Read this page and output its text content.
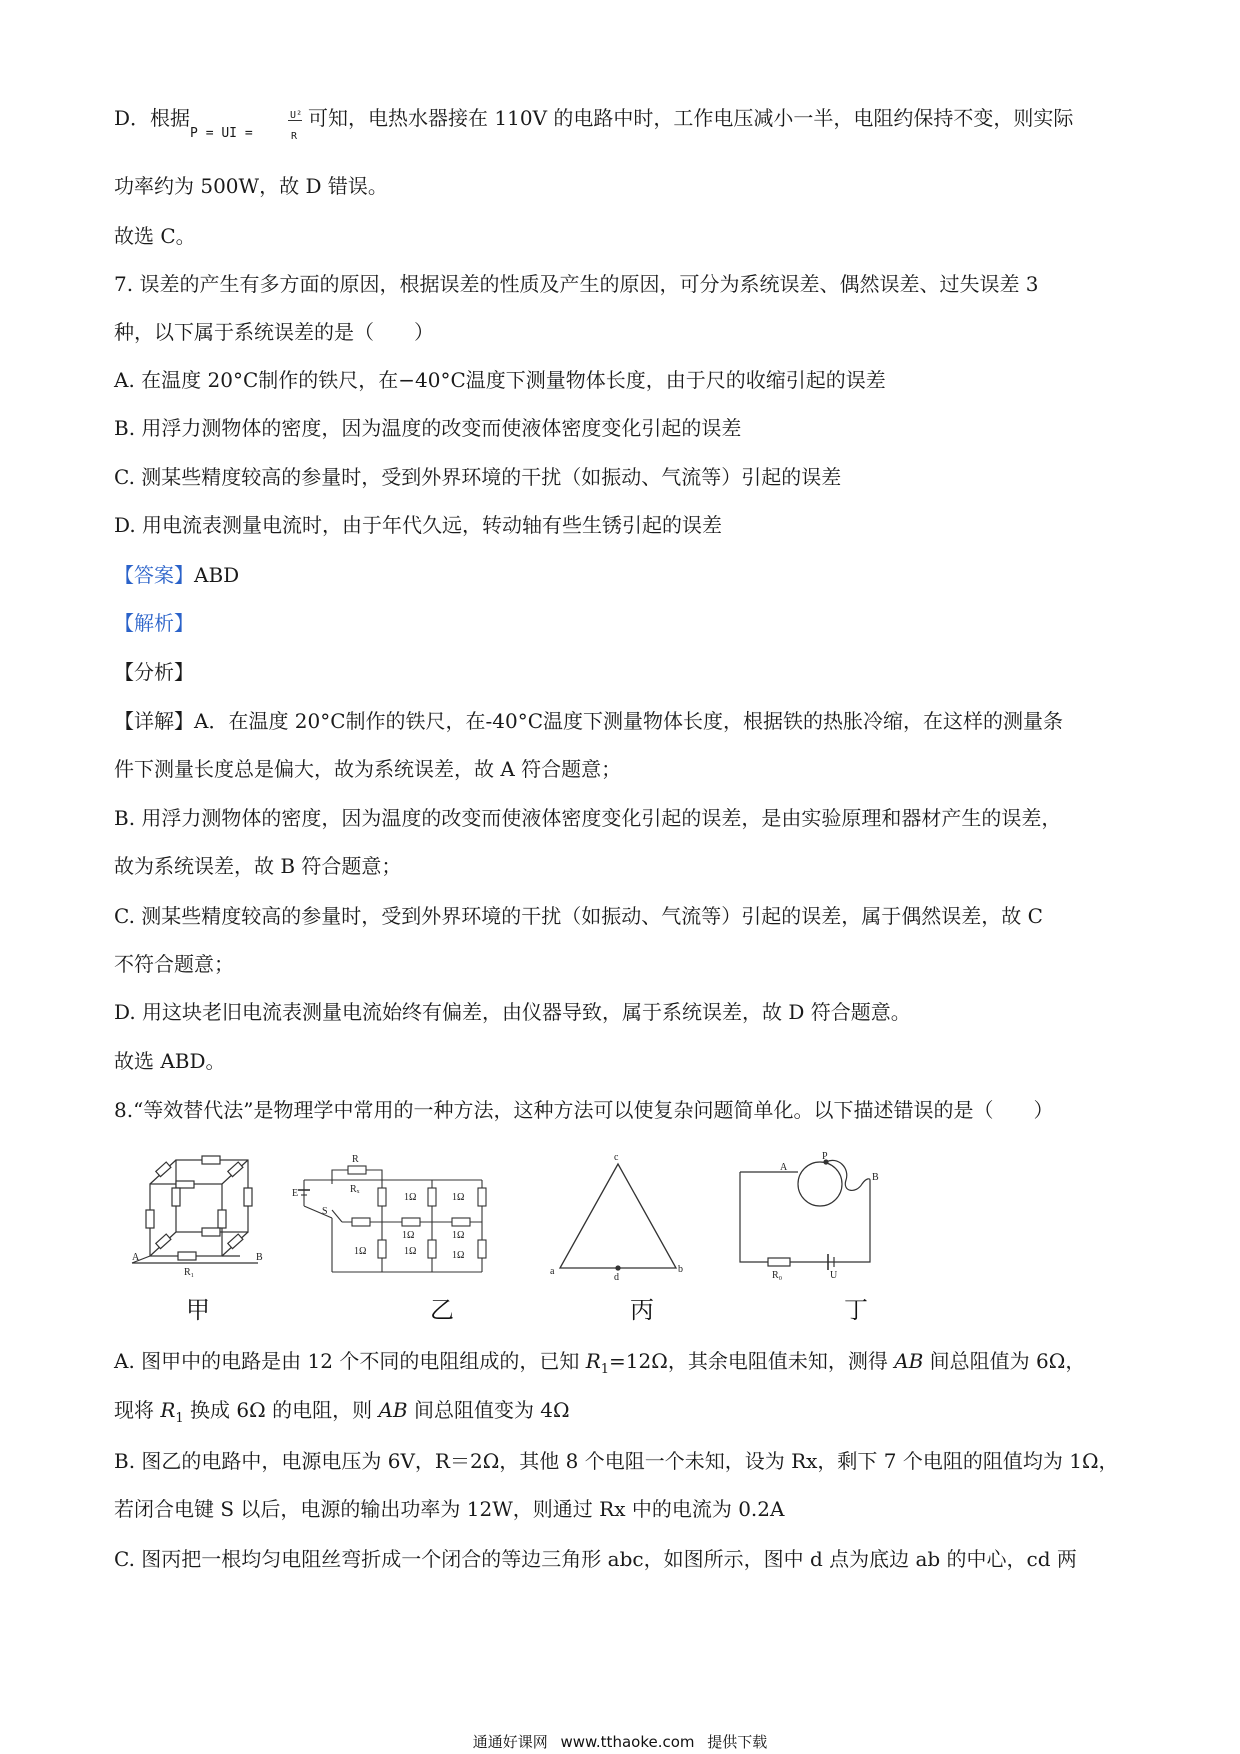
D．根据
P = UI =
U²
R
可知，电热水器接在 110V 的电路中时，工作电压减小一半，电阻约保持不变，则实际
功率约为 500W，故 D 错误。
故选 C。
7. 误差的产生有多方面的原因，根据误差的性质及产生的原因，可分为系统误差、偶然误差、过失误差 3
种，以下属于系统误差的是（　　）
A. 在温度 20°C制作的铁尺，在−40°C温度下测量物体长度，由于尺的收缩引起的误差
B. 用浮力测物体的密度，因为温度的改变而使液体密度变化引起的误差
C. 测某些精度较高的参量时，受到外界环境的干扰（如振动、气流等）引起的误差
D. 用电流表测量电流时，由于年代久远，转动轴有些生锈引起的误差
【答案】ABD
【解析】
【分析】
【详解】A．在温度 20°C制作的铁尺，在-40°C温度下测量物体长度，根据铁的热胀冷缩，在这样的测量条
件下测量长度总是偏大，故为系统误差，故 A 符合题意；
B. 用浮力测物体的密度，因为温度的改变而使液体密度变化引起的误差，是由实验原理和器材产生的误差，
故为系统误差，故 B 符合题意；
C. 测某些精度较高的参量时，受到外界环境的干扰（如振动、气流等）引起的误差，属于偶然误差，故 C
不符合题意；
D. 用这块老旧电流表测量电流始终有偏差，由仪器导致，属于系统误差，故 D 符合题意。
故选 ABD。
8.“等效替代法”是物理学中常用的一种方法，这种方法可以使复杂问题简单化。以下描述错误的是（　　）
A	B
R₁
R
E	Rₓ
S
1Ω	1Ω
1Ω	1Ω
1Ω	1Ω	1Ω
c
a	b
d
A
P
B
R₀	U
甲	乙	丙	丁
A. 图甲中的电路是由 12 个不同的电阻组成的，已知 $R_1=12\Omega$，其余电阻值未知，测得 AB 间总阻值为 6Ω，
现将 $R_1$ 换成 6Ω 的电阻，则 AB 间总阻值变为 4Ω
B. 图乙的电路中，电源电压为 6V，R＝2Ω，其他 8 个电阻一个未知，设为 Rx，剩下 7 个电阻的阻值均为 1Ω，
若闭合电键 S 以后，电源的输出功率为 12W，则通过 Rx 中的电流为 0.2A
C. 图丙把一根均匀电阻丝弯折成一个闭合的等边三角形 abc，如图所示，图中 d 点为底边 ab 的中心，cd 两
通通好课网 www.tthaoke.com 提供下载
